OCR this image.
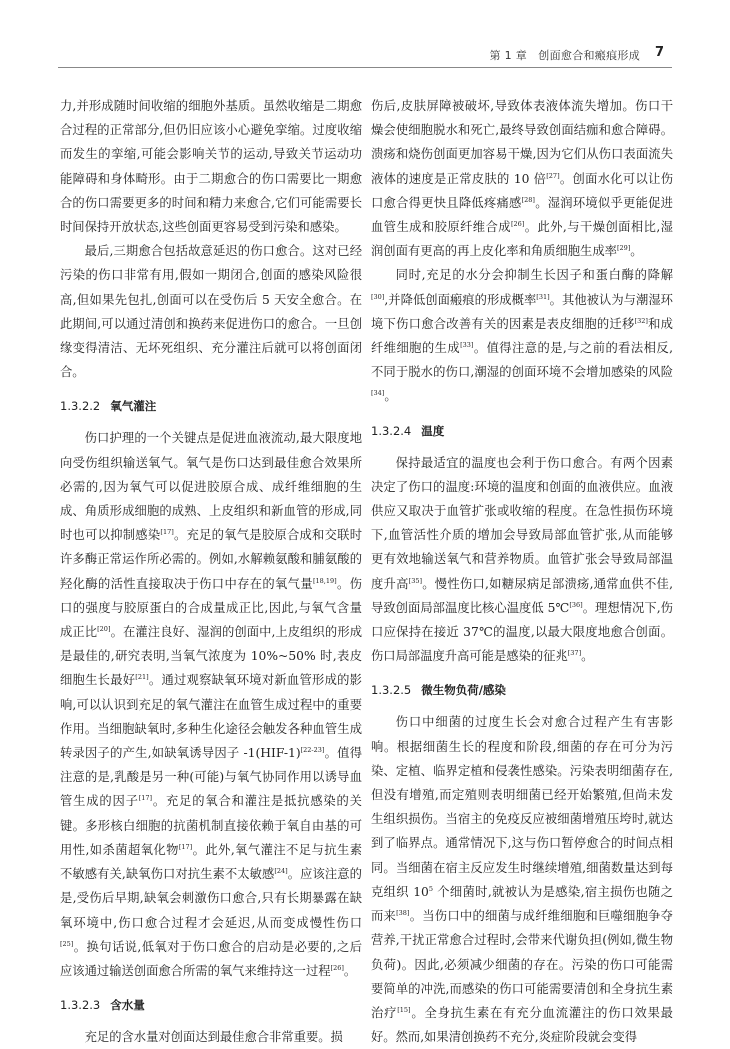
第 1 章　创面愈合和瘢痕形成 7

力,并形成随时间收缩的细胞外基质。虽然收缩是二期愈合过程的正常部分,但仍旧应该小心避免挛缩。过度收缩而发生的挛缩,可能会影响关节的运动,导致关节运动功能障碍和身体畸形。由于二期愈合的伤口需要比一期愈合的伤口需要更多的时间和精力来愈合,它们可能需要长时间保持开放状态,这些创面更容易受到污染和感染。

最后,三期愈合包括故意延迟的伤口愈合。这对已经污染的伤口非常有用,假如一期闭合,创面的感染风险很高,但如果先包扎,创面可以在受伤后 5 天安全愈合。在此期间,可以通过清创和换药来促进伤口的愈合。一旦创缘变得清洁、无坏死组织、充分灌注后就可以将创面闭合。

1.3.2.2 氧气灌注

伤口护理的一个关键点是促进血液流动,最大限度地向受伤组织输送氧气。氧气是伤口达到最佳愈合效果所必需的,因为氧气可以促进胶原合成、成纤维细胞的生成、角质形成细胞的成熟、上皮组织和新血管的形成,同时也可以抑制感染[17]。充足的氧气是胶原合成和交联时许多酶正常运作所必需的。例如,水解赖氨酸和脯氨酸的羟化酶的活性直接取决于伤口中存在的氧气量[18,19]。伤口的强度与胶原蛋白的合成量成正比,因此,与氧气含量成正比[20]。在灌注良好、湿润的创面中,上皮组织的形成是最佳的,研究表明,当氧气浓度为 10%~50% 时,表皮细胞生长最好[21]。通过观察缺氧环境对新血管形成的影响,可以认识到充足的氧气灌注在血管生成过程中的重要作用。当细胞缺氧时,多种生化途径会触发各种血管生成转录因子的产生,如缺氧诱导因子 -1(HIF-1)[22-23]。值得注意的是,乳酸是另一种(可能)与氧气协同作用以诱导血管生成的因子[17]。充足的氧合和灌注是抵抗感染的关键。多形核白细胞的抗菌机制直接依赖于氧自由基的可用性,如杀菌超氧化物[17]。此外,氧气灌注不足与抗生素不敏感有关,缺氧伤口对抗生素不太敏感[24]。应该注意的是,受伤后早期,缺氧会刺激伤口愈合,只有长期暴露在缺氧环境中,伤口愈合过程才会延迟,从而变成慢性伤口[25]。换句话说,低氧对于伤口愈合的启动是必要的,之后应该通过输送创面愈合所需的氧气来维持这一过程[26]。

1.3.2.3 含水量

充足的含水量对创面达到最佳愈合非常重要。损

伤后,皮肤屏障被破坏,导致体表液体流失增加。伤口干燥会使细胞脱水和死亡,最终导致创面结痂和愈合障碍。溃疡和烧伤创面更加容易干燥,因为它们从伤口表面流失液体的速度是正常皮肤的 10 倍[27]。创面水化可以让伤口愈合得更快且降低疼痛感[28]。湿润环境似乎更能促进血管生成和胶原纤维合成[26]。此外,与干燥创面相比,湿润创面有更高的再上皮化率和角质细胞生成率[29]。

同时,充足的水分会抑制生长因子和蛋白酶的降解[30],并降低创面瘢痕的形成概率[31]。其他被认为与潮湿环境下伤口愈合改善有关的因素是表皮细胞的迁移[32]和成纤维细胞的生成[33]。值得注意的是,与之前的看法相反,不同于脱水的伤口,潮湿的创面环境不会增加感染的风险[34]。

1.3.2.4 温度

保持最适宜的温度也会利于伤口愈合。有两个因素决定了伤口的温度:环境的温度和创面的血液供应。血液供应又取决于血管扩张或收缩的程度。在急性损伤环境下,血管活性介质的增加会导致局部血管扩张,从而能够更有效地输送氧气和营养物质。血管扩张会导致局部温度升高[35]。慢性伤口,如糖尿病足部溃疡,通常血供不佳,导致创面局部温度比核心温度低 5℃[36]。理想情况下,伤口应保持在接近 37℃的温度,以最大限度地愈合创面。伤口局部温度升高可能是感染的征兆[37]。

1.3.2.5 微生物负荷/感染

伤口中细菌的过度生长会对愈合过程产生有害影响。根据细菌生长的程度和阶段,细菌的存在可分为污染、定植、临界定植和侵袭性感染。污染表明细菌存在,但没有增殖,而定殖则表明细菌已经开始繁殖,但尚未发生组织损伤。当宿主的免疫反应被细菌增殖压垮时,就达到了临界点。通常情况下,这与伤口暂停愈合的时间点相同。当细菌在宿主反应发生时继续增殖,细菌数量达到每克组织 $10^5$ 个细菌时,就被认为是感染,宿主损伤也随之而来[38]。当伤口中的细菌与成纤维细胞和巨噬细胞争夺营养,干扰正常愈合过程时,会带来代谢负担(例如,微生物负荷)。因此,必须减少细菌的存在。污染的伤口可能需要简单的冲洗,而感染的伤口可能需要清创和全身抗生素治疗[15]。全身抗生素在有充分血流灌注的伤口效果最好。然而,如果清创换药不充分,炎症阶段就会变得
